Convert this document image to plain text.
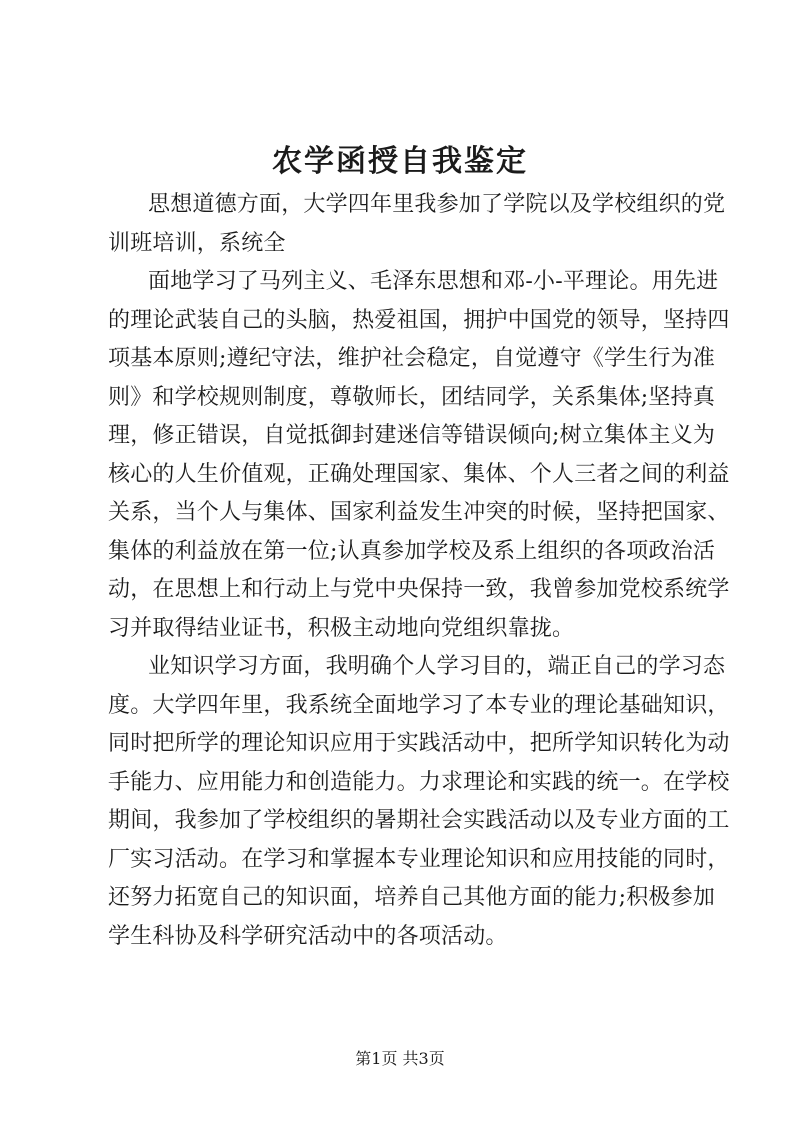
农学函授自我鉴定
思想道德方面，大学四年里我参加了学院以及学校组织的党
训班培训，系统全
面地学习了马列主义、毛泽东思想和邓-小-平理论。用先进
的理论武装自己的头脑，热爱祖国，拥护中国党的领导，坚持四
项基本原则;遵纪守法，维护社会稳定，自觉遵守《学生行为准
则》和学校规则制度，尊敬师长，团结同学，关系集体;坚持真
理，修正错误，自觉抵御封建迷信等错误倾向;树立集体主义为
核心的人生价值观，正确处理国家、集体、个人三者之间的利益
关系，当个人与集体、国家利益发生冲突的时候，坚持把国家、
集体的利益放在第一位;认真参加学校及系上组织的各项政治活
动，在思想上和行动上与党中央保持一致，我曾参加党校系统学
习并取得结业证书，积极主动地向党组织靠拢。
业知识学习方面，我明确个人学习目的，端正自己的学习态
度。大学四年里，我系统全面地学习了本专业的理论基础知识，
同时把所学的理论知识应用于实践活动中，把所学知识转化为动
手能力、应用能力和创造能力。力求理论和实践的统一。在学校
期间，我参加了学校组织的暑期社会实践活动以及专业方面的工
厂实习活动。在学习和掌握本专业理论知识和应用技能的同时，
还努力拓宽自己的知识面，培养自己其他方面的能力;积极参加
学生科协及科学研究活动中的各项活动。
第1页 共3页
